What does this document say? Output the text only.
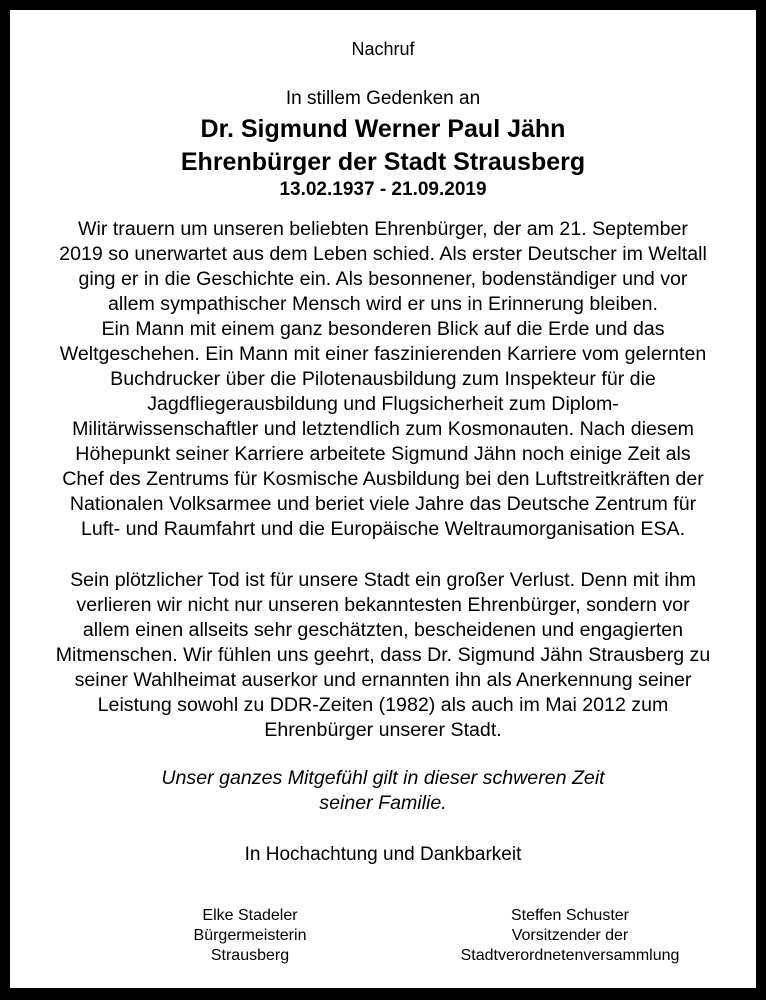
Nachruf
In stillem Gedenken an
Dr. Sigmund Werner Paul Jähn
Ehrenbürger der Stadt Strausberg
13.02.1937 - 21.09.2019
Wir trauern um unseren beliebten Ehrenbürger, der am 21. September
2019 so unerwartet aus dem Leben schied. Als erster Deutscher im Weltall
ging er in die Geschichte ein. Als besonnener, bodenständiger und vor
allem sympathischer Mensch wird er uns in Erinnerung bleiben.
Ein Mann mit einem ganz besonderen Blick auf die Erde und das
Weltgeschehen. Ein Mann mit einer faszinierenden Karriere vom gelernten
Buchdrucker über die Pilotenausbildung zum Inspekteur für die
Jagdfliegerausbildung und Flugsicherheit zum Diplom-
Militärwissenschaftler und letztendlich zum Kosmonauten. Nach diesem
Höhepunkt seiner Karriere arbeitete Sigmund Jähn noch einige Zeit als
Chef des Zentrums für Kosmische Ausbildung bei den Luftstreitkräften der
Nationalen Volksarmee und beriet viele Jahre das Deutsche Zentrum für
Luft- und Raumfahrt und die Europäische Weltraumorganisation ESA.
Sein plötzlicher Tod ist für unsere Stadt ein großer Verlust. Denn mit ihm
verlieren wir nicht nur unseren bekanntesten Ehrenbürger, sondern vor
allem einen allseits sehr geschätzten, bescheidenen und engagierten
Mitmenschen. Wir fühlen uns geehrt, dass Dr. Sigmund Jähn Strausberg zu
seiner Wahlheimat auserkor und ernannten ihn als Anerkennung seiner
Leistung sowohl zu DDR-Zeiten (1982) als auch im Mai 2012 zum
Ehrenbürger unserer Stadt.
Unser ganzes Mitgefühl gilt in dieser schweren Zeit
seiner Familie.
In Hochachtung und Dankbarkeit
Elke Stadeler
Bürgermeisterin
Strausberg
Steffen Schuster
Vorsitzender der
Stadtverordnetenversammlung
